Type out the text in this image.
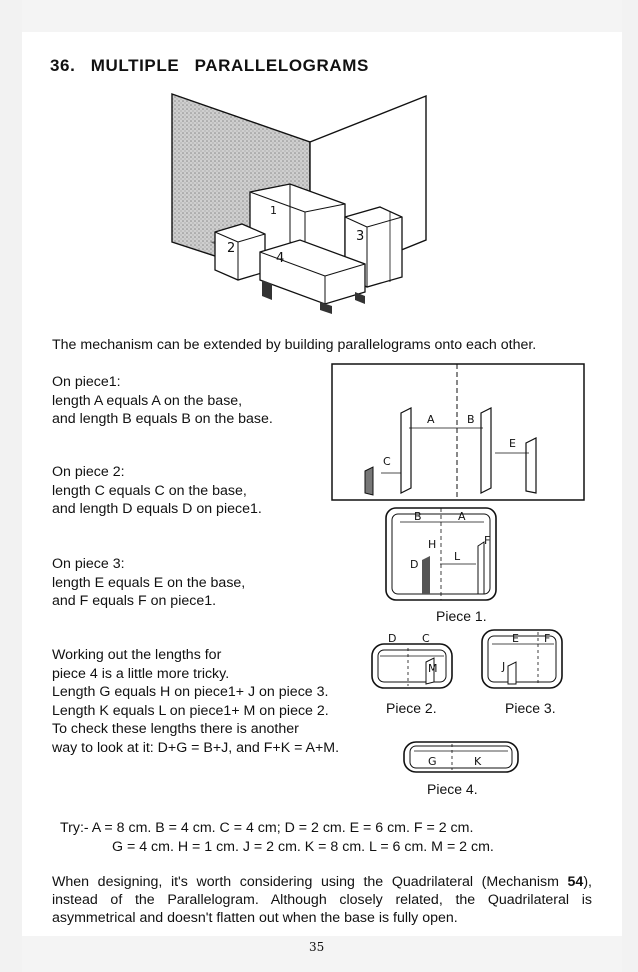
36. MULTIPLE PARALLELOGRAMS
1
2
3
4
The mechanism can be extended by building parallelograms onto each other.
On piece1:
length A equals A on the base,
and length B equals B on the base.
On piece 2:
length C equals C on the base,
and length D equals D on piece1.
On piece 3:
length E equals E on the base,
and F equals F on piece1.
Working out the lengths for
piece 4 is a little more tricky.
Length G equals H on piece1+ J on piece 3.
Length K equals L on piece1+ M on piece 2.
To check these lengths there is another
way to look at it: D+G = B+J, and F+K = A+M.
A	B
C
E
B	A
H	F
D
L
Piece 1.
D C
M
Piece 2.
E F
J
Piece 3.
G	K
Piece 4.
Try:- A = 8 cm. B = 4 cm. C = 4 cm; D = 2 cm. E = 6 cm. F = 2 cm.
G = 4 cm. H = 1 cm. J = 2 cm. K = 8 cm. L = 6 cm. M = 2 cm.
When designing, it's worth considering using the Quadrilateral (Mechanism 54), instead of the Parallelogram. Although closely related, the Quadrilateral is asymmetrical and doesn't flatten out when the base is fully open.
35
